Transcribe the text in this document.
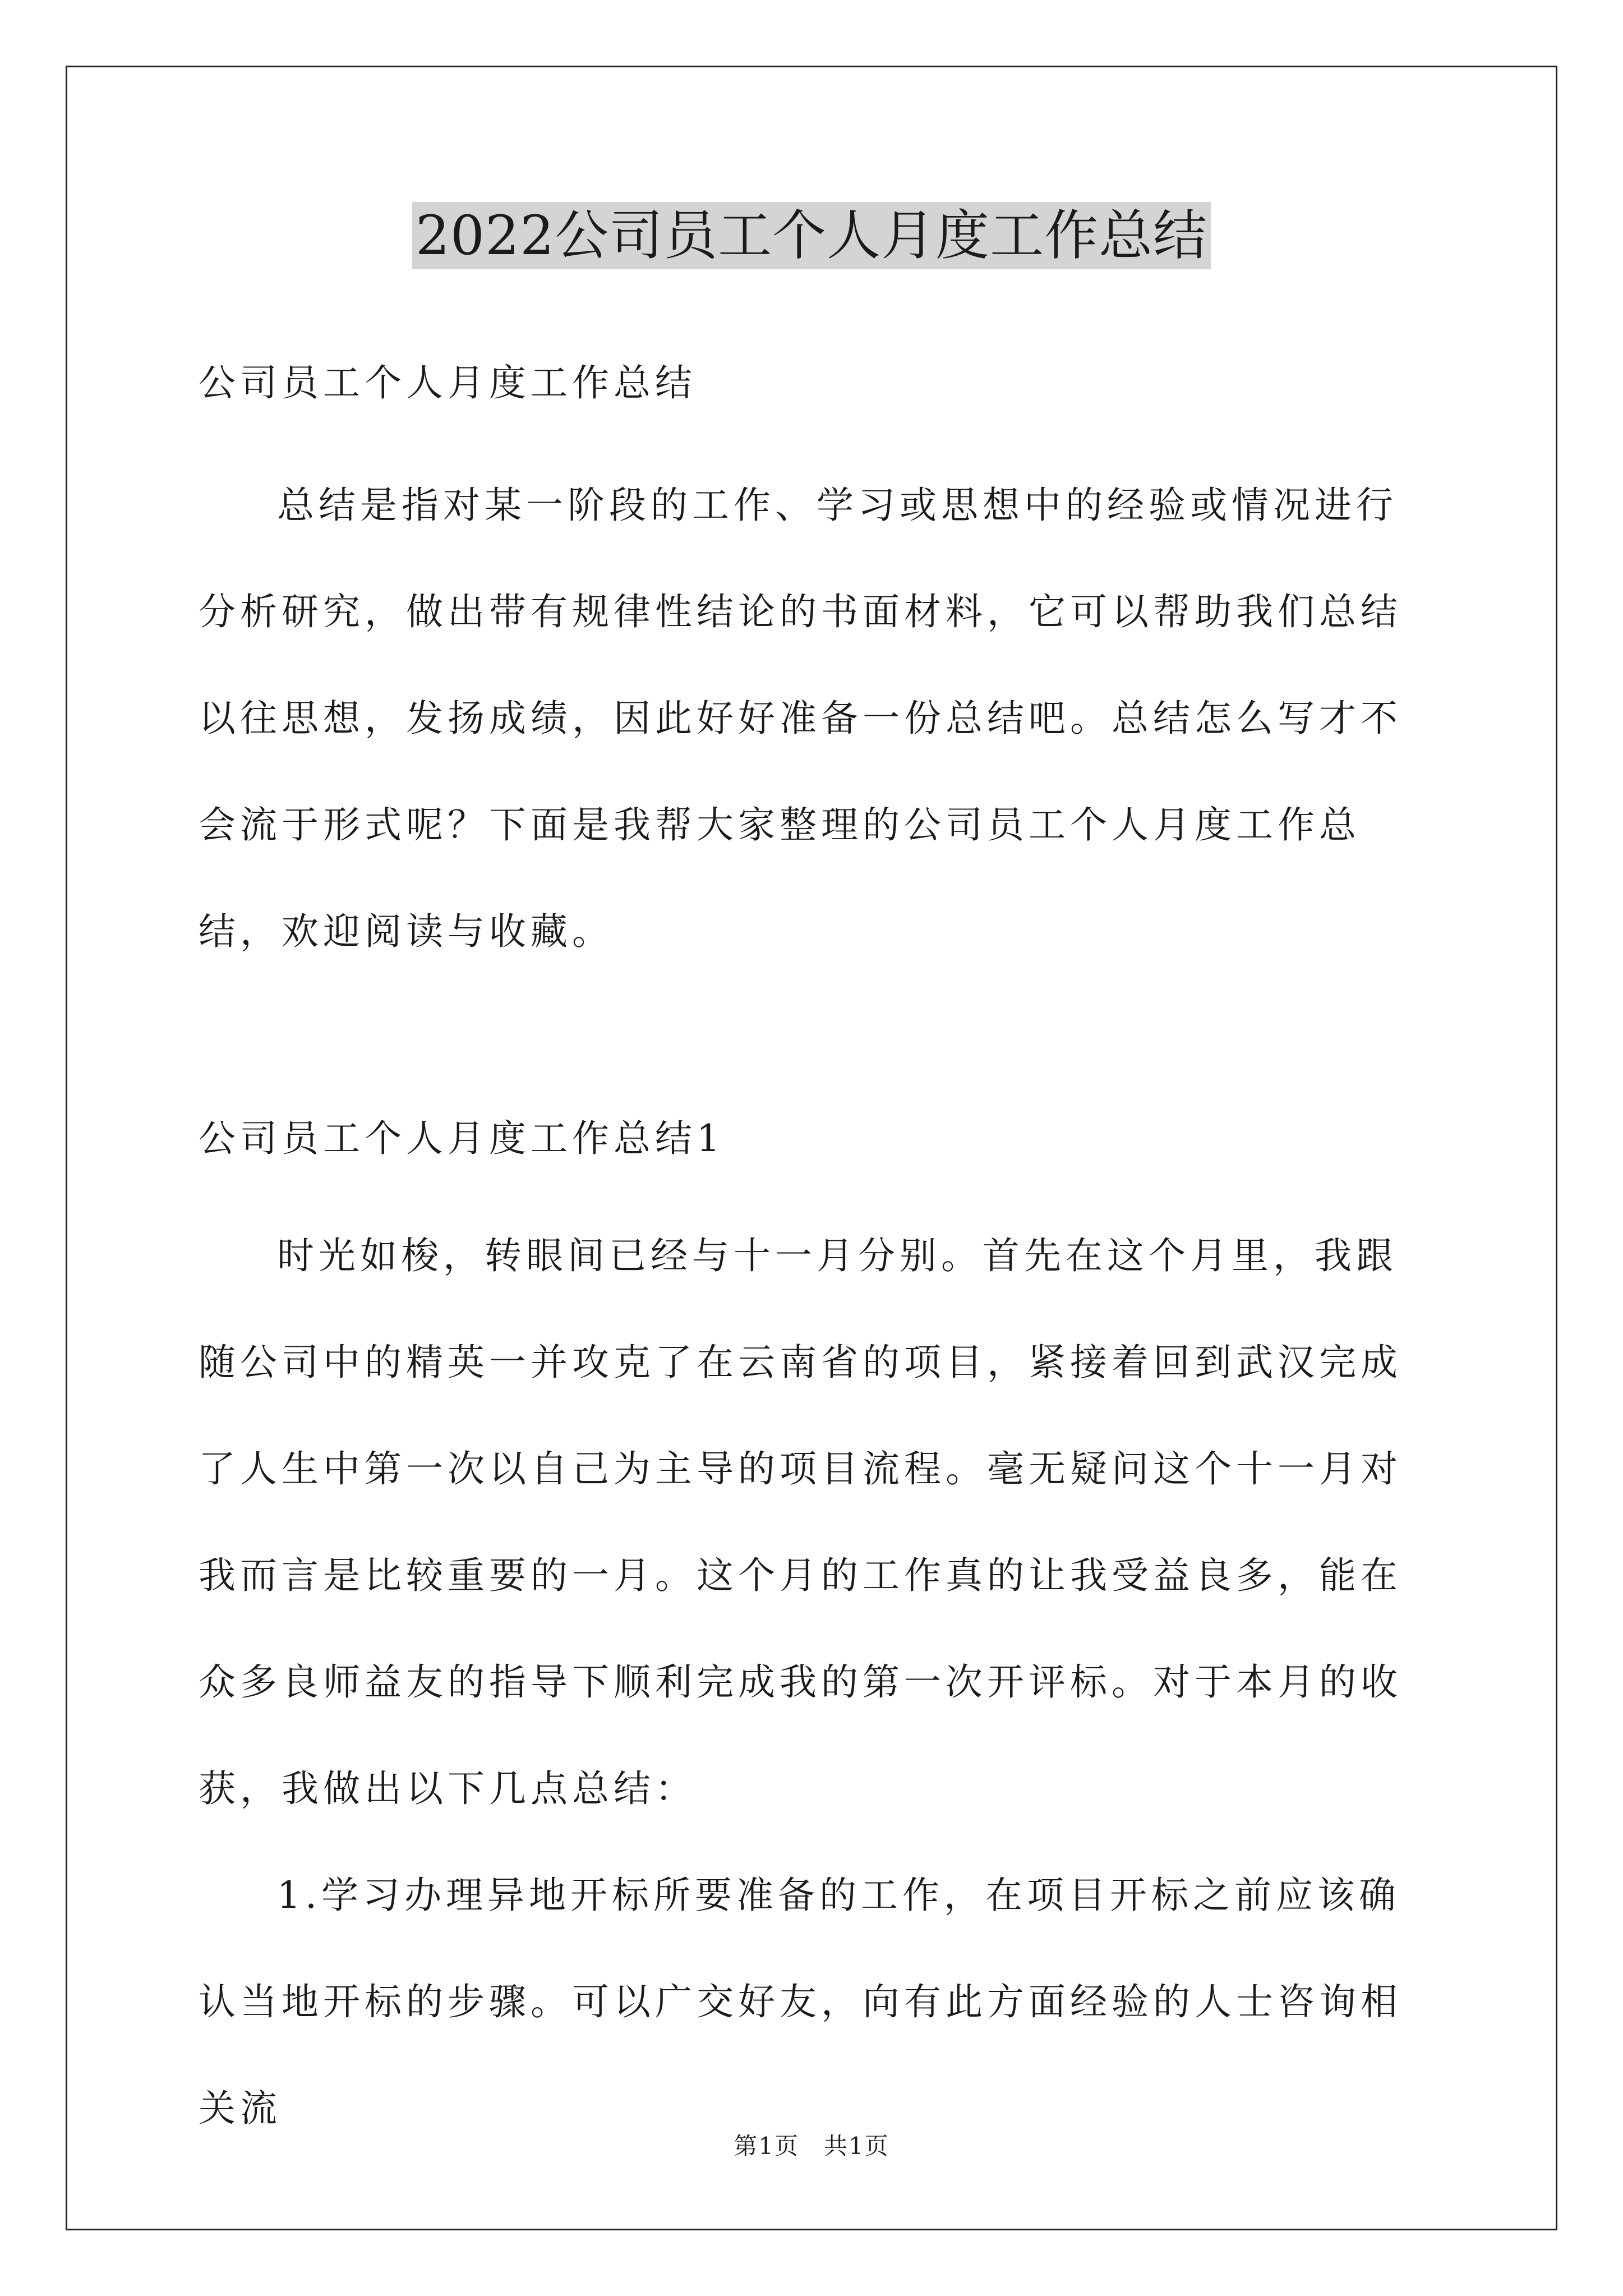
2022公司员工个人月度工作总结
公司员工个人月度工作总结
总结是指对某一阶段的工作、学习或思想中的经验或情况进行分析研究，做出带有规律性结论的书面材料，它可以帮助我们总结以往思想，发扬成绩，因此好好准备一份总结吧。总结怎么写才不会流于形式呢？下面是我帮大家整理的公司员工个人月度工作总结，欢迎阅读与收藏。
公司员工个人月度工作总结1
时光如梭，转眼间已经与十一月分别。首先在这个月里，我跟随公司中的精英一并攻克了在云南省的项目，紧接着回到武汉完成了人生中第一次以自己为主导的项目流程。毫无疑问这个十一月对我而言是比较重要的一月。这个月的工作真的让我受益良多，能在众多良师益友的指导下顺利完成我的第一次开评标。对于本月的收获，我做出以下几点总结：
1.学习办理异地开标所要准备的工作，在项目开标之前应该确认当地开标的步骤。可以广交好友，向有此方面经验的人士咨询相关流
第1页　共1页
